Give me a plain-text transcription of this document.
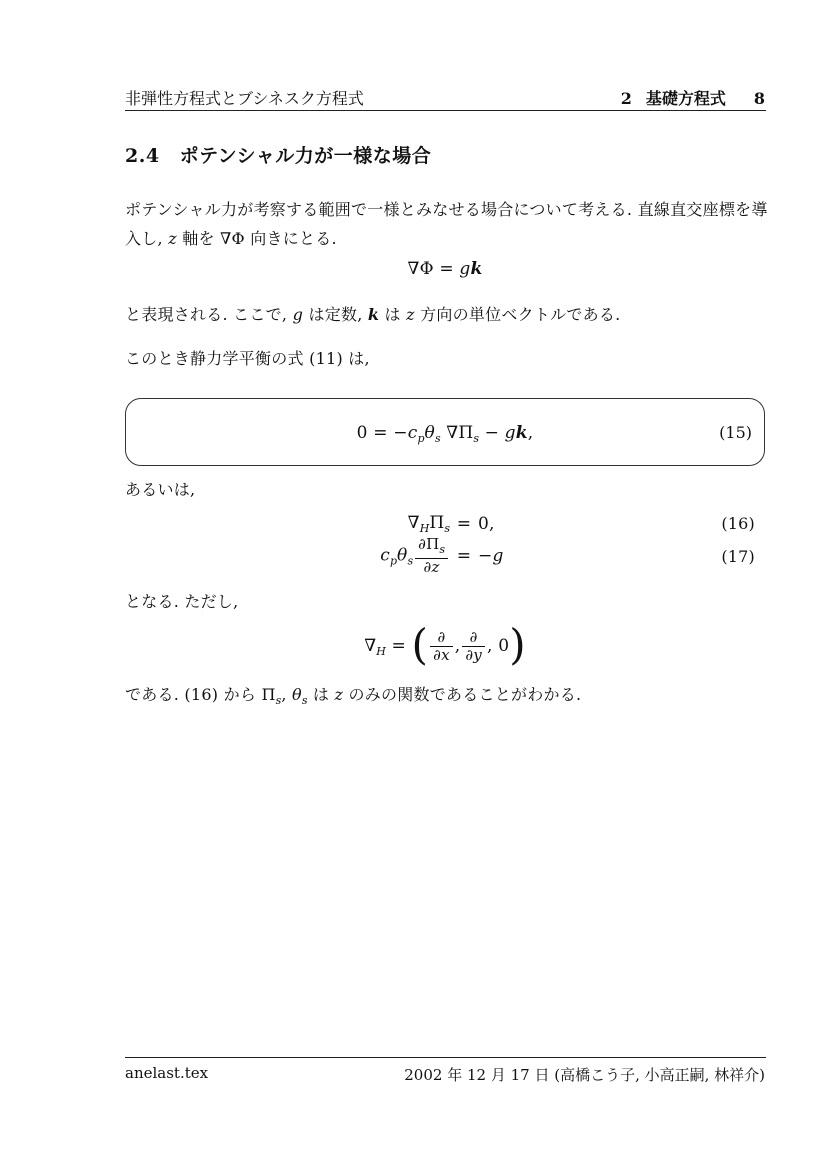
非弾性方程式とブシネスク方程式	2 基礎方程式 8
2.4 ポテンシャル力が一様な場合
ポテンシャル力が考察する範囲で一様とみなせる場合について考える. 直線直交座標を導
入し, z 軸を ∇Φ 向きにとる.
∇Φ = gk
と表現される. ここで, g は定数, k は z 方向の単位ベクトルである.
このとき静力学平衡の式 (11) は,
$0 = -c_p\theta_s$ $\nabla\Pi_s$ − gk,	(15)
あるいは,
$\nabla_H\Pi_s = 0$,	(16)
$c_p\theta_s \frac{\partial\Pi_s}{\partial z} = -g$	(17)
となる. ただし,
$\nabla_H$ = ( $\frac{\partial}{\partial x}$ , $\frac{\partial}{\partial y}$ , 0)
である. (16) から $\Pi_s$, $\theta_s$ は z のみの関数であることがわかる.
anelast.tex	2002 年 12 月 17 日 (高橋こう子, 小高正嗣, 林祥介)
